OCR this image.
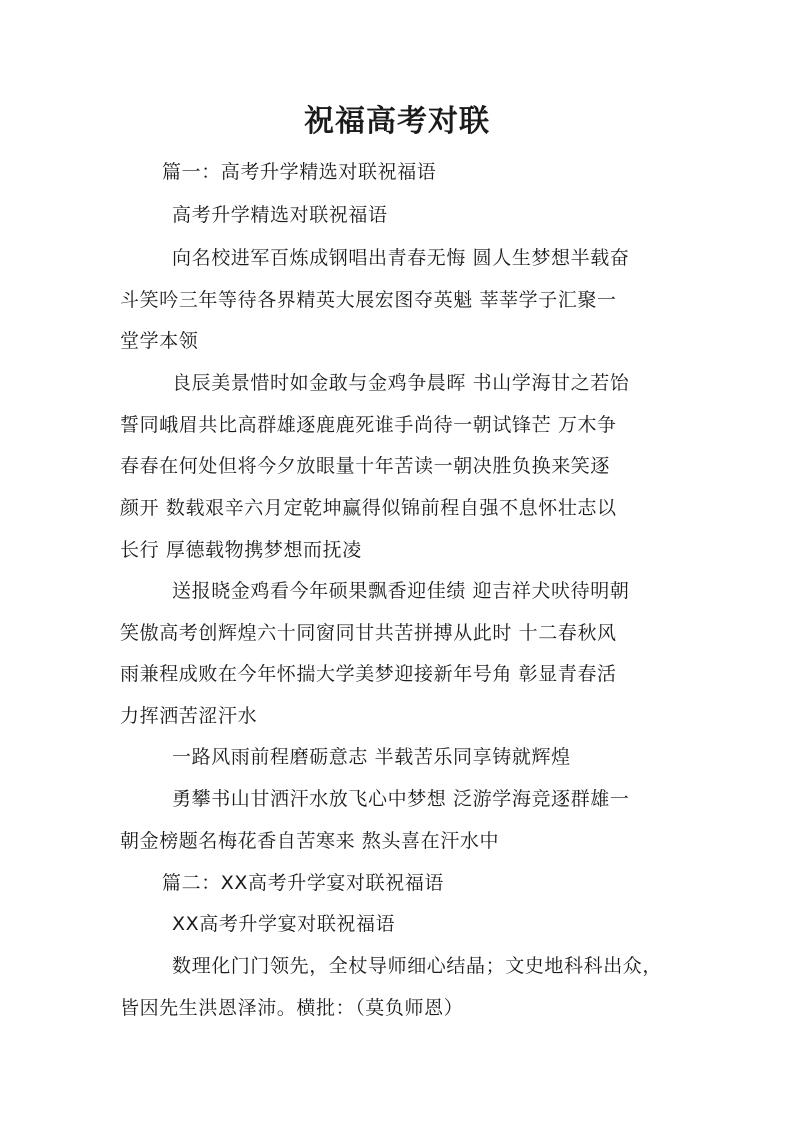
祝福高考对联
篇一：高考升学精选对联祝福语
高考升学精选对联祝福语
向名校进军百炼成钢唱出青春无悔 圆人生梦想半载奋
斗笑吟三年等待各界精英大展宏图夺英魁 莘莘学子汇聚一
堂学本领
良辰美景惜时如金敢与金鸡争晨晖 书山学海甘之若饴
誓同峨眉共比高群雄逐鹿鹿死谁手尚待一朝试锋芒 万木争
春春在何处但将今夕放眼量十年苦读一朝决胜负换来笑逐
颜开 数载艰辛六月定乾坤赢得似锦前程自强不息怀壮志以
长行 厚德载物携梦想而抚凌
送报晓金鸡看今年硕果飘香迎佳绩 迎吉祥犬吠待明朝
笑傲高考创辉煌六十同窗同甘共苦拼搏从此时 十二春秋风
雨兼程成败在今年怀揣大学美梦迎接新年号角 彰显青春活
力挥洒苦涩汗水
一路风雨前程磨砺意志 半载苦乐同享铸就辉煌
勇攀书山甘洒汗水放飞心中梦想 泛游学海竞逐群雄一
朝金榜题名梅花香自苦寒来 熬头喜在汗水中
篇二：XX高考升学宴对联祝福语
XX高考升学宴对联祝福语
数理化门门领先，全杖导师细心结晶；文史地科科出众，
皆因先生洪恩泽沛。横批：（莫负师恩）
